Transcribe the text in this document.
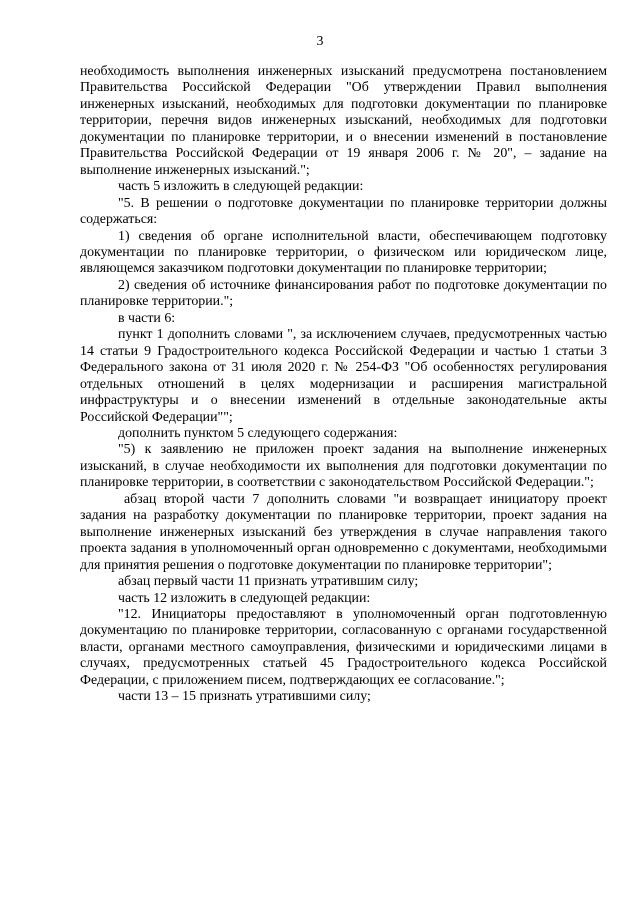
3

необходимость выполнения инженерных изысканий предусмотрена постановлением Правительства Российской Федерации "Об утверждении Правил выполнения инженерных изысканий, необходимых для подготовки документации по планировке территории, перечня видов инженерных изысканий, необходимых для подготовки документации по планировке территории, и о внесении изменений в постановление Правительства Российской Федерации от 19 января 2006 г. № 20", – задание на выполнение инженерных изысканий.";

часть 5 изложить в следующей редакции:

"5. В решении о подготовке документации по планировке территории должны содержаться:

1) сведения об органе исполнительной власти, обеспечивающем подготовку документации по планировке территории, о физическом или юридическом лице, являющемся заказчиком подготовки документации по планировке территории;

2) сведения об источнике финансирования работ по подготовке документации по планировке территории.";

в части 6:

пункт 1 дополнить словами ", за исключением случаев, предусмотренных частью 14 статьи 9 Градостроительного кодекса Российской Федерации и частью 1 статьи 3 Федерального закона от 31 июля 2020 г. № 254-ФЗ "Об особенностях регулирования отдельных отношений в целях модернизации и расширения магистральной инфраструктуры и о внесении изменений в отдельные законодательные акты Российской Федерации"";

дополнить пунктом 5 следующего содержания:

"5) к заявлению не приложен проект задания на выполнение инженерных изысканий, в случае необходимости их выполнения для подготовки документации по планировке территории, в соответствии с законодательством Российской Федерации.";

абзац второй части 7 дополнить словами "и возвращает инициатору проект задания на разработку документации по планировке территории, проект задания на выполнение инженерных изысканий без утверждения в случае направления такого проекта задания в уполномоченный орган одновременно с документами, необходимыми для принятия решения о подготовке документации по планировке территории";

абзац первый части 11 признать утратившим силу;

часть 12 изложить в следующей редакции:

"12. Инициаторы предоставляют в уполномоченный орган подготовленную документацию по планировке территории, согласованную с органами государственной власти, органами местного самоуправления, физическими и юридическими лицами в случаях, предусмотренных статьей 45 Градостроительного кодекса Российской Федерации, с приложением писем, подтверждающих ее согласование.";

части 13 – 15 признать утратившими силу;
